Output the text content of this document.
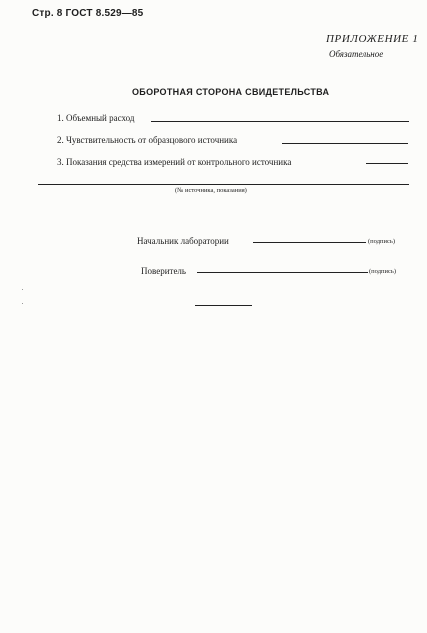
Стр. 8 ГОСТ 8.529—85
ПРИЛОЖЕНИЕ 1
Обязательное
ОБОРОТНАЯ СТОРОНА СВИДЕТЕЛЬСТВА
1. Объемный расход
2. Чувствительность от образцового источника
3. Показания средства измерений от контрольного источника
(№ источника, показания)
Начальник лаборатории	(подпись)
Поверитель	(подпись)
